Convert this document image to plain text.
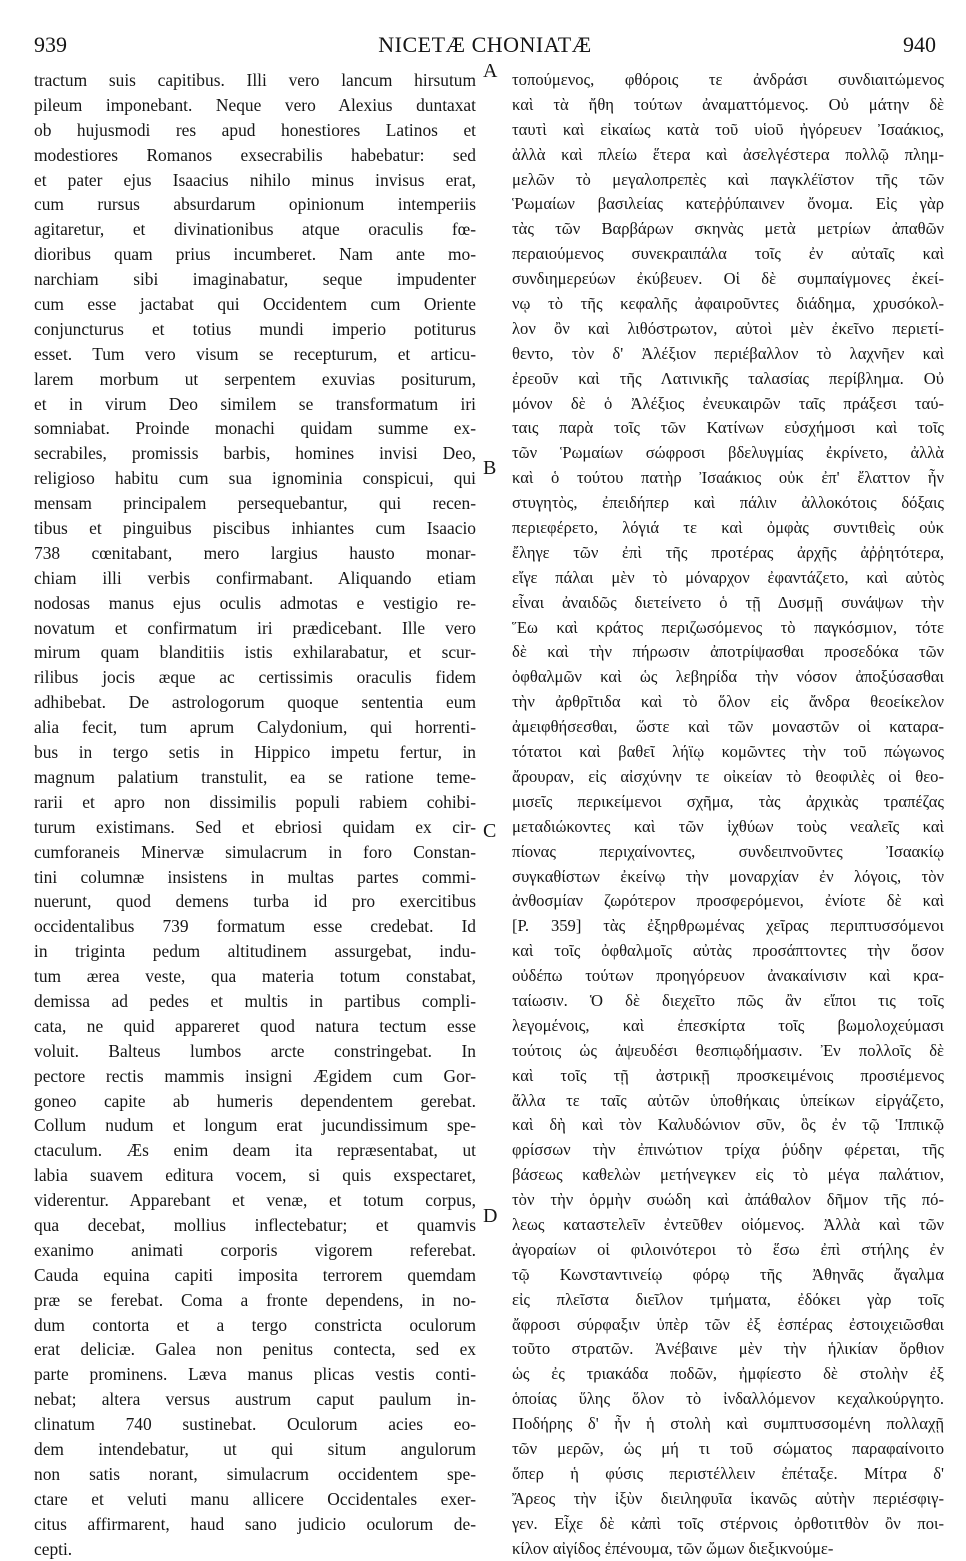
939	NICETÆ CHONIATÆ	940
tractum suis capitibus. Illi vero lancum hirsutum
pileum imponebant. Neque vero Alexius duntaxat
ob hujusmodi res apud honestiores Latinos et
modestiores Romanos exsecrabilis habebatur: sed
et pater ejus Isaacius nihilo minus invisus erat,
cum rursus absurdarum opinionum intemperiis
agitaretur, et divinationibus atque oraculis fœ-
dioribus quam prius incumberet. Nam ante mo-
narchiam sibi imaginabatur, seque impudenter
cum esse jactabat qui Occidentem cum Oriente
conjuncturus et totius mundi imperio potiturus
esset. Tum vero visum se recepturum, et articu-
larem morbum ut serpentem exuvias positurum,
et in virum Deo similem se transformatum iri
somniabat. Proinde monachi quidam summe ex-
secrabiles, promissis barbis, homines invisi Deo,
religioso habitu cum sua ignominia conspicui, qui
mensam principalem persequebantur, qui recen-
tibus et pinguibus piscibus inhiantes cum Isaacio
738 cœnitabant, mero largius hausto monar-
chiam illi verbis confirmabant. Aliquando etiam
nodosas manus ejus oculis admotas e vestigio re-
novatum et confirmatum iri prædicebant. Ille vero
mirum quam blanditiis istis exhilarabatur, et scur-
rilibus jocis æque ac certissimis oraculis fidem
adhibebat. De astrologorum quoque sententia eum
alia fecit, tum aprum Calydonium, qui horrenti-
bus in tergo setis in Hippico impetu fertur, in
magnum palatium transtulit, ea se ratione teme-
rarii et apro non dissimilis populi rabiem cohibi-
turum existimans. Sed et ebriosi quidam ex cir-
cumforaneis Minervæ simulacrum in foro Constan-
tini columnæ insistens in multas partes commi-
nuerunt, quod demens turba id pro exercitibus
occidentalibus 739 formatum esse credebat. Id
in triginta pedum altitudinem assurgebat, indu-
tum ærea veste, qua materia totum constabat,
demissa ad pedes et multis in partibus compli-
cata, ne quid appareret quod natura tectum esse
voluit. Balteus lumbos arcte constringebat. In
pectore rectis mammis insigni Ægidem cum Gor-
goneo capite ab humeris dependentem gerebat.
Collum nudum et longum erat jucundissimum spe-
ctaculum. Æs enim deam ita repræsentabat, ut
labia suavem editura vocem, si quis exspectaret,
viderentur. Apparebant et venæ, et totum corpus,
qua decebat, mollius inflectebatur; et quamvis
exanimo animati corporis vigorem referebat.
Cauda equina capiti imposita terrorem quemdam
præ se ferebat. Coma a fronte dependens, in no-
dum contorta et a tergo constricta oculorum
erat deliciæ. Galea non penitus contecta, sed ex
parte prominens. Læva manus plicas vestis conti-
nebat; altera versus austrum caput paulum in-
clinatum 740 sustinebat. Oculorum acies eo-
dem intendebatur, ut qui situm angulorum
non satis norant, simulacrum occidentem spe-
ctare et veluti manu allicere Occidentales exer-
citus affirmarent, haud sano judicio oculorum de-
cepti.
A
B
C
D
τοπούμενος, φθόροις τε ἀνδράσι συνδιαιτώμενος
καὶ τὰ ἤθη τούτων ἀναματτόμενος. Οὐ μάτην δὲ
ταυτὶ καὶ εἰκαίως κατὰ τοῦ υἱοῦ ἠγόρευεν Ἰσαάκιος,
ἀλλὰ καὶ πλείω ἕτερα καὶ ἀσελγέστερα πολλῷ πλημ-
μελῶν τὸ μεγαλοπρεπὲς καὶ παγκλέϊστον τῆς τῶν
Ῥωμαίων βασιλείας κατεῤῥύπαινεν ὄνομα. Εἰς γὰρ
τὰς τῶν Βαρβάρων σκηνὰς μετὰ μετρίων ἀπαθῶν
περαιούμενος συνεκραιπάλα τοῖς ἐν αὐταῖς καὶ
συνδιημερεύων ἐκύβευεν. Οἱ δὲ συμπαίγμονες ἐκεί-
νῳ τὸ τῆς κεφαλῆς ἀφαιροῦντες διάδημα, χρυσόκολ-
λον ὂν καὶ λιθόστρωτον, αὐτοὶ μὲν ἐκεῖνο περιετί-
θεντο, τὸν δ' Ἀλέξιον περιέβαλλον τὸ λαχνῆεν καὶ
ἐρεοῦν καὶ τῆς Λατινικῆς ταλασίας περίβλημα. Οὐ
μόνον δὲ ὁ Ἀλέξιος ἐνευκαιρῶν ταῖς πράξεσι ταύ-
ταις παρὰ τοῖς τῶν Κατίνων εὐσχήμοσι καὶ τοῖς
τῶν Ῥωμαίων σώφροσι βδελυγμίας ἐκρίνετο, ἀλλὰ
καὶ ὁ τούτου πατὴρ Ἰσαάκιος οὐκ ἐπ' ἔλαττον ἦν
στυγητὸς, ἐπειδήπερ καὶ πάλιν ἀλλοκότοις δόξαις
περιεφέρετο, λόγιά τε καὶ ὀμφὰς συντιθεὶς οὐκ
ἔληγε τῶν ἐπὶ τῆς προτέρας ἀρχῆς ἀῤῥητότερα,
εἴγε πάλαι μὲν τὸ μόναρχον ἐφαντάζετο, καὶ αὐτὸς
εἶναι ἀναιδῶς διετείνετο ὁ τῇ Δυσμῇ συνάψων τὴν
Ἕω καὶ κράτος περιζωσόμενος τὸ παγκόσμιον, τότε
δὲ καὶ τὴν πήρωσιν ἀποτρίψασθαι προσεδόκα τῶν
ὀφθαλμῶν καὶ ὡς λεβηρίδα τὴν νόσον ἀποξύσασθαι
τὴν ἀρθρῖτιδα καὶ τὸ ὅλον εἰς ἄνδρα θεοείκελον
ἀμειφθήσεσθαι, ὥστε καὶ τῶν μοναστῶν οἱ καταρα-
τότατοι καὶ βαθεῖ λήϊῳ κομῶντες τὴν τοῦ πώγωνος
ἄρουραν, εἰς αἰσχύνην τε οἰκείαν τὸ θεοφιλὲς οἱ θεο-
μισεῖς περικείμενοι σχῆμα, τὰς ἀρχικὰς τραπέζας
μεταδιώκοντες καὶ τῶν ἰχθύων τοὺς νεαλεῖς καὶ
πίονας περιχαίνοντες, συνδειπνοῦντες Ἰσαακίῳ
συγκαθίστων ἐκείνῳ τὴν μοναρχίαν ἐν λόγοις, τὸν
ἀνθοσμίαν ζωρότερον προσφερόμενοι, ἐνίοτε δὲ καὶ
[P. 359] τὰς ἐξηρθρωμένας χεῖρας περιπτυσσόμενοι
καὶ τοῖς ὀφθαλμοῖς αὐτὰς προσάπτοντες τὴν ὅσον
οὐδέπω τούτων προηγόρευον ἀνακαίνισιν καὶ κρα-
ταίωσιν. Ὁ δὲ διεχεῖτο πῶς ἂν εἴποι τις τοῖς
λεγομένοις, καὶ ἐπεσκίρτα τοῖς βωμολοχεύμασι
τούτοις ὡς ἀψευδέσι θεσπιῳδήμασιν. Ἐν πολλοῖς δὲ
καὶ τοῖς τῇ ἀστρικῇ προσκειμένοις προσιέμενος
ἄλλα τε ταῖς αὐτῶν ὑποθήκαις ὑπείκων εἰργάζετο,
καὶ δὴ καὶ τὸν Καλυδώνιον σῦν, ὃς ἐν τῷ Ἱππικῷ
φρίσσων τὴν ἐπινώτιον τρίχα ῥύδην φέρεται, τῆς
βάσεως καθελὼν μετήνεγκεν εἰς τὸ μέγα παλάτιον,
τὸν τὴν ὁρμὴν συώδη καὶ ἀπάθαλον δῆμον τῆς πό-
λεως καταστελεῖν ἐντεῦθεν οἰόμενος. Ἀλλὰ καὶ τῶν
ἀγοραίων οἱ φιλοινότεροι τὸ ἕσω ἐπὶ στήλης ἐν
τῷ Κωνσταντινείῳ φόρῳ τῆς Ἀθηνᾶς ἄγαλμα
εἰς πλεῖστα διεῖλον τμήματα, ἐδόκει γὰρ τοῖς
ἄφροσι σύρφαξιν ὑπὲρ τῶν ἐξ ἑσπέρας ἐστοιχειῶσθαι
τοῦτο στρατῶν. Ἀνέβαινε μὲν τὴν ἡλικίαν ὄρθιον
ὡς ἐς τριακάδα ποδῶν, ἠμφίεστο δὲ στολὴν ἐξ
ὁποίας ὕλης ὅλον τὸ ἰνδαλλόμενον κεχαλκούργητο.
Ποδήρης δ' ἦν ἡ στολὴ καὶ συμπτυσσομένη πολλαχῇ
τῶν μερῶν, ὡς μή τι τοῦ σώματος παραφαίνοιτο
ὅπερ ἡ φύσις περιστέλλειν ἐπέταξε. Μίτρα δ'
Ἄρεος τὴν ἰξὺν διειληφυῖα ἱκανῶς αὐτὴν περιέσφιγ-
γεν. Εἶχε δὲ κἀπὶ τοῖς στέρνοις ὀρθοτιτθὸν ὂν ποι-
κίλον αἰγίδος ἐπένουμα, τῶν ὤμων διεξικνούμε-
